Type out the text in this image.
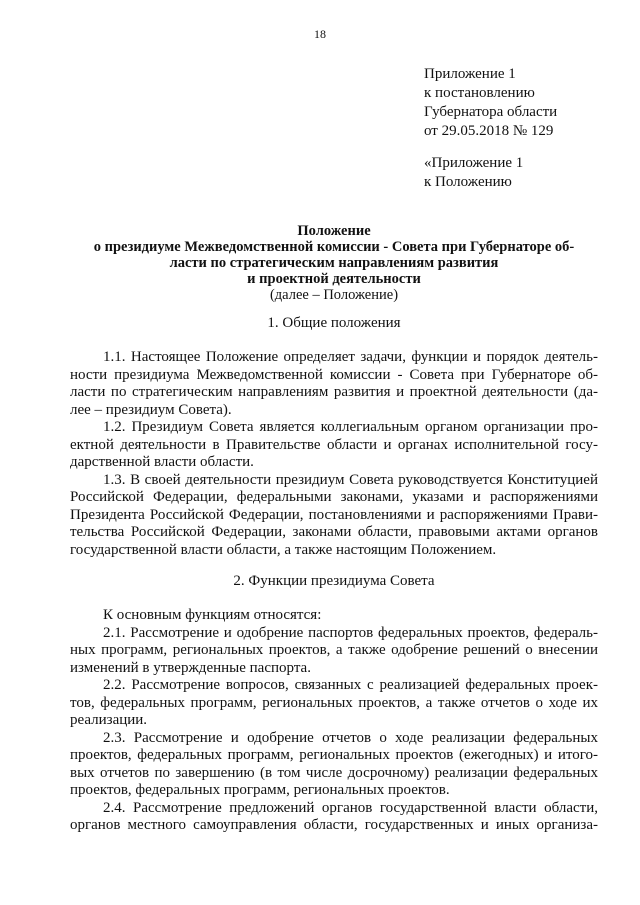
18
Приложение 1
к постановлению
Губернатора области
от 29.05.2018 № 129
«Приложение 1
к Положению
Положение
о президиуме Межведомственной комиссии - Совета при Губернаторе об-
ласти по стратегическим направлениям развития
и проектной деятельности
(далее – Положение)
1. Общие положения
1.1. Настоящее Положение определяет задачи, функции и порядок деятель-
ности президиума Межведомственной комиссии - Совета при Губернаторе об-
ласти по стратегическим направлениям развития и проектной деятельности (да-
лее – президиум Совета).
1.2. Президиум Совета является коллегиальным органом организации про-
ектной деятельности в Правительстве области и органах исполнительной госу-
дарственной власти области.
1.3. В своей деятельности президиум Совета руководствуется Конституцией
Российской Федерации, федеральными законами, указами и распоряжениями
Президента Российской Федерации, постановлениями и распоряжениями Прави-
тельства Российской Федерации, законами области, правовыми актами органов
государственной власти области, а также настоящим Положением.
2. Функции президиума Совета
К основным функциям относятся:
2.1. Рассмотрение и одобрение паспортов федеральных проектов, федераль-
ных программ, региональных проектов, а также одобрение решений о внесении
изменений в утвержденные паспорта.
2.2. Рассмотрение вопросов, связанных с реализацией федеральных проек-
тов, федеральных программ, региональных проектов, а также отчетов о ходе их
реализации.
2.3. Рассмотрение и одобрение отчетов о ходе реализации федеральных
проектов, федеральных программ, региональных проектов (ежегодных) и итого-
вых отчетов по завершению (в том числе досрочному) реализации федеральных
проектов, федеральных программ, региональных проектов.
2.4. Рассмотрение предложений органов государственной власти области,
органов местного самоуправления области, государственных и иных организа-
